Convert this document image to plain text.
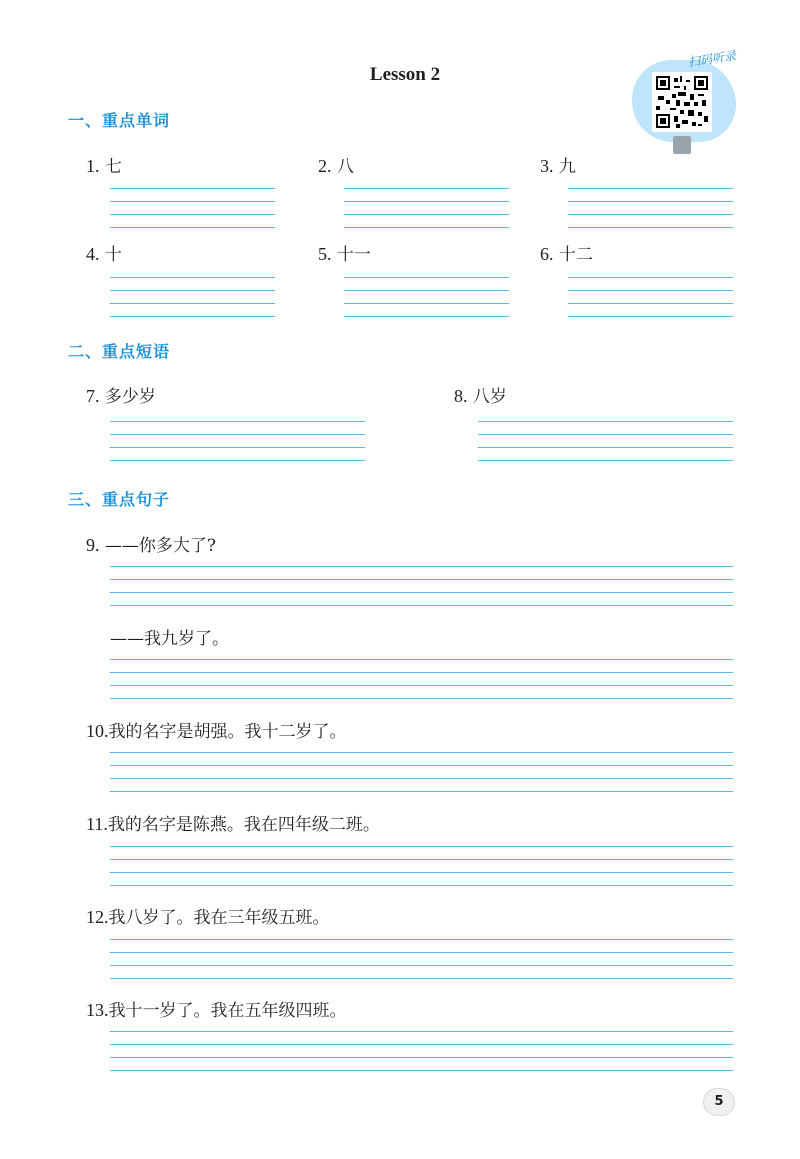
Lesson 2
扫码听录
一、重点单词
1. 七	2. 八	3. 九
4. 十	5. 十一	6. 十二
二、重点短语
7. 多少岁	8. 八岁
三、重点句子
9. ——你多大了?
——我九岁了。
10.我的名字是胡强。我十二岁了。
11.我的名字是陈燕。我在四年级二班。
12.我八岁了。我在三年级五班。
13.我十一岁了。我在五年级四班。
5
